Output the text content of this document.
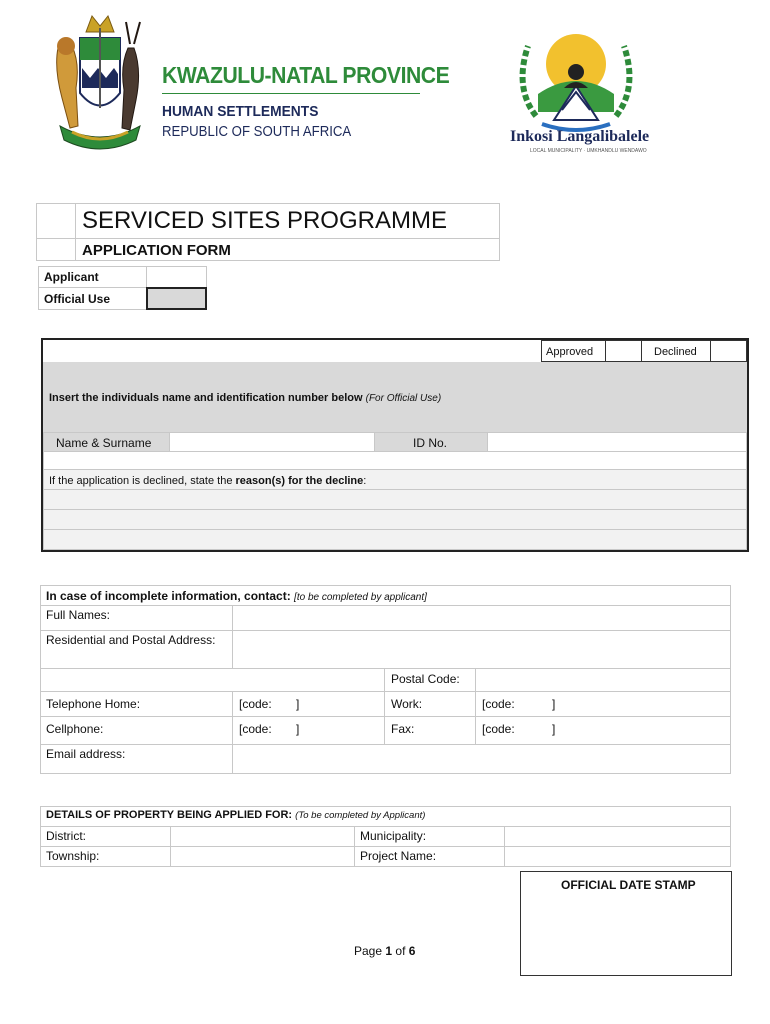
KWAZULU-NATAL PROVINCE
HUMAN SETTLEMENTS
REPUBLIC OF SOUTH AFRICA	Inkosi Langalibalele
LOCAL MUNICIPALITY · UMKHANDLU WENDAWO
SERVICED SITES PROGRAMME
APPLICATION FORM
Applicant
Official Use
Approved	Declined
Insert the individuals name and identification number below (For Official Use)
Name & Surname	ID No.
If the application is declined, state the reason(s) for the decline:
In case of incomplete information, contact: [to be completed by applicant]
Full Names:
Residential and Postal Address:
Postal Code:
Telephone Home:	[code: ]	Work:	[code:	]
Cellphone:	[code: ]	Fax:	[code:	]
Email address:
DETAILS OF PROPERTY BEING APPLIED FOR: (To be completed by Applicant)
District:	Municipality:
Township:	Project Name:
OFFICIAL DATE STAMP
Page 1 of 6
